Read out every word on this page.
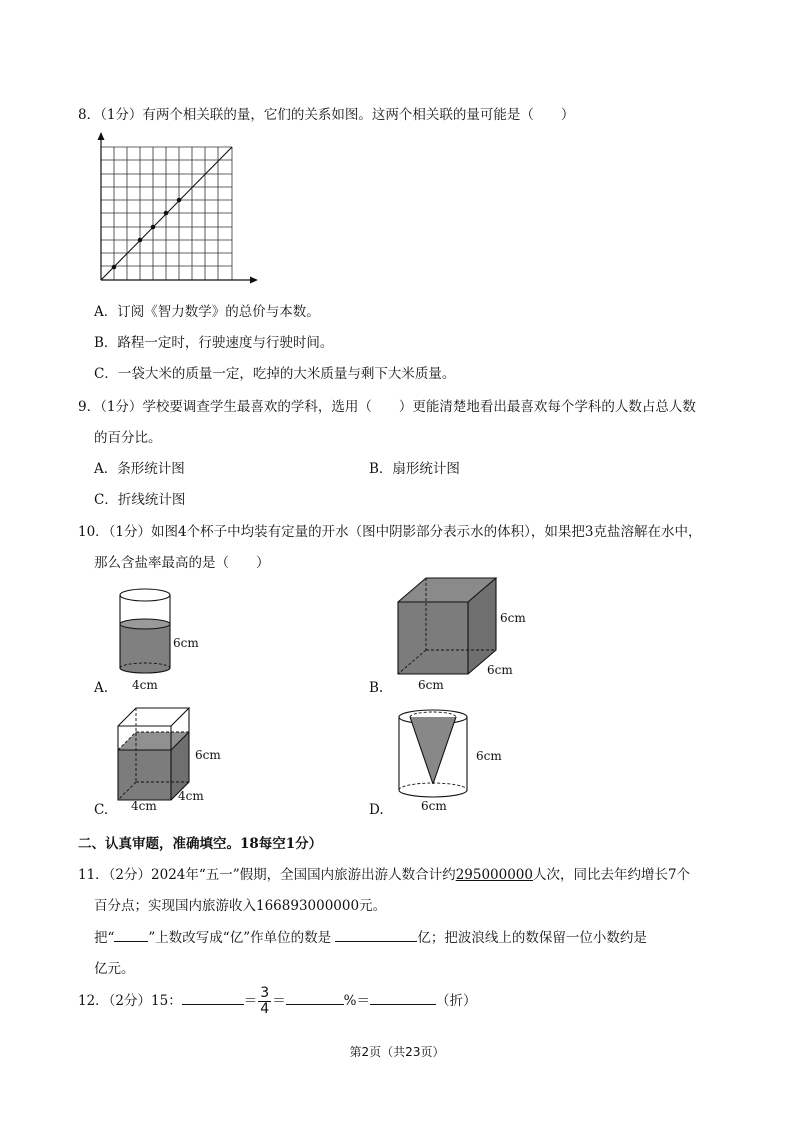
8．（1分）有两个相关联的量，它们的关系如图。这两个相关联的量可能是（　　）
A．订阅《智力数学》的总价与本数。
B．路程一定时，行驶速度与行驶时间。
C．一袋大米的质量一定，吃掉的大米质量与剩下大米质量。
9．（1分）学校要调查学生最喜欢的学科，选用（　　）更能清楚地看出最喜欢每个学科的人数占总人数
的百分比。
A．条形统计图	B．扇形统计图
C．折线统计图
10．（1分）如图4个杯子中均装有定量的开水（图中阴影部分表示水的体积），如果把3克盐溶解在水中，
那么含盐率最高的是（　　）
6cm
4cm
A.
6cm
6cm
6cm
B.
6cm
4cm
4cm
C.
6cm
6cm
D.
二、认真审题，准确填空。18每空1分）
11．（2分）2024年“五一”假期，全国国内旅游出游人数合计约295000000人次，同比去年约增长7个
百分点；实现国内旅游收入166893000000元。
把“	”上数改写成“亿”作单位的数是	亿；把波浪线上的数保留一位小数约是
亿元。
12．（2分）15：	＝ $\frac{3}{4}$ ＝	%＝	（折）
第2页（共23页）
